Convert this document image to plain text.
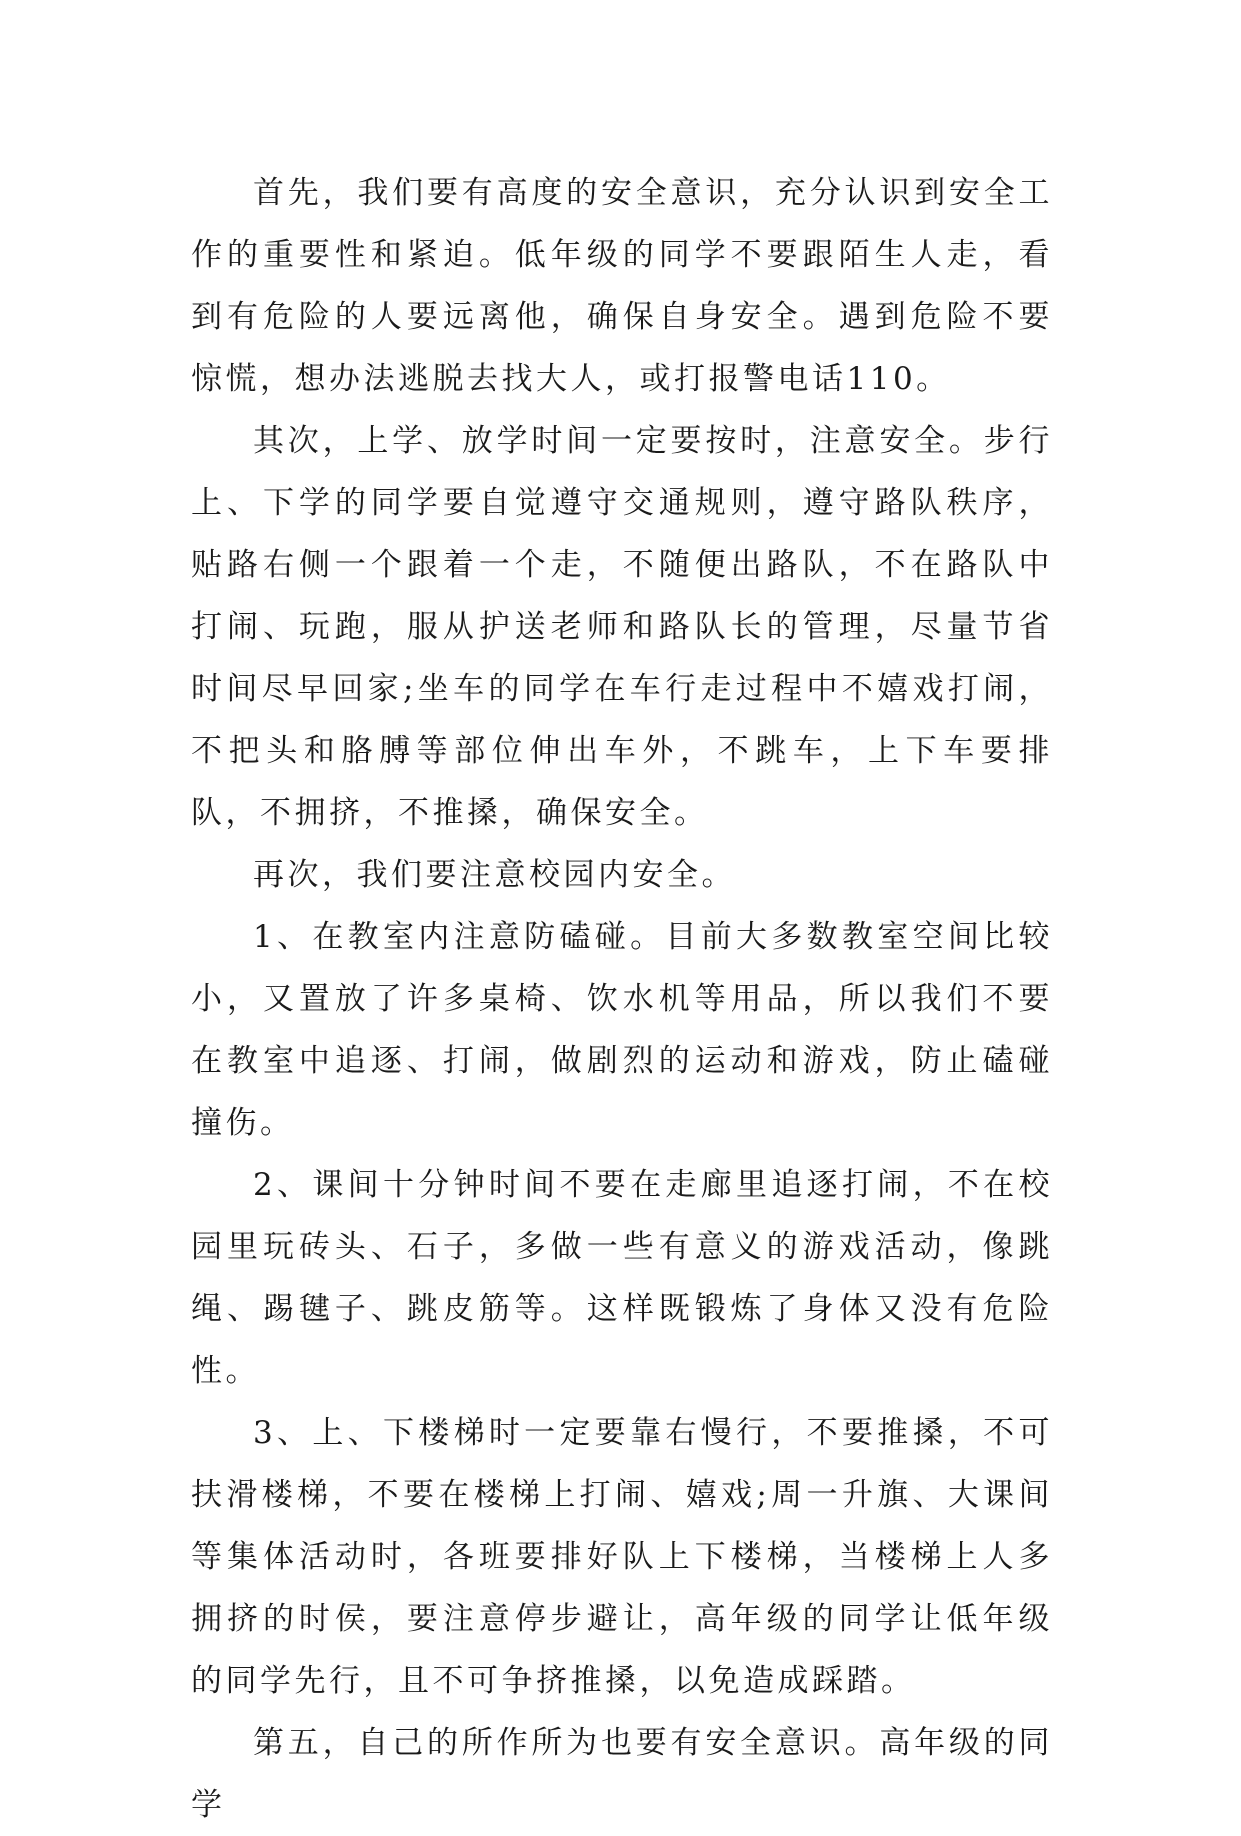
首先，我们要有高度的安全意识，充分认识到安全工作的重要性和紧迫。低年级的同学不要跟陌生人走，看到有危险的人要远离他，确保自身安全。遇到危险不要惊慌，想办法逃脱去找大人，或打报警电话110。

其次，上学、放学时间一定要按时，注意安全。步行上、下学的同学要自觉遵守交通规则，遵守路队秩序，贴路右侧一个跟着一个走，不随便出路队，不在路队中打闹、玩跑，服从护送老师和路队长的管理，尽量节省时间尽早回家;坐车的同学在车行走过程中不嬉戏打闹，不把头和胳膊等部位伸出车外，不跳车，上下车要排队，不拥挤，不推搡，确保安全。

再次，我们要注意校园内安全。

1、在教室内注意防磕碰。目前大多数教室空间比较小，又置放了许多桌椅、饮水机等用品，所以我们不要在教室中追逐、打闹，做剧烈的运动和游戏，防止磕碰撞伤。

2、课间十分钟时间不要在走廊里追逐打闹，不在校园里玩砖头、石子，多做一些有意义的游戏活动，像跳绳、踢毽子、跳皮筋等。这样既锻炼了身体又没有危险性。

3、上、下楼梯时一定要靠右慢行，不要推搡，不可扶滑楼梯，不要在楼梯上打闹、嬉戏;周一升旗、大课间等集体活动时，各班要排好队上下楼梯，当楼梯上人多拥挤的时侯，要注意停步避让，高年级的同学让低年级的同学先行，且不可争挤推搡，以免造成踩踏。

第五，自己的所作所为也要有安全意识。高年级的同学
